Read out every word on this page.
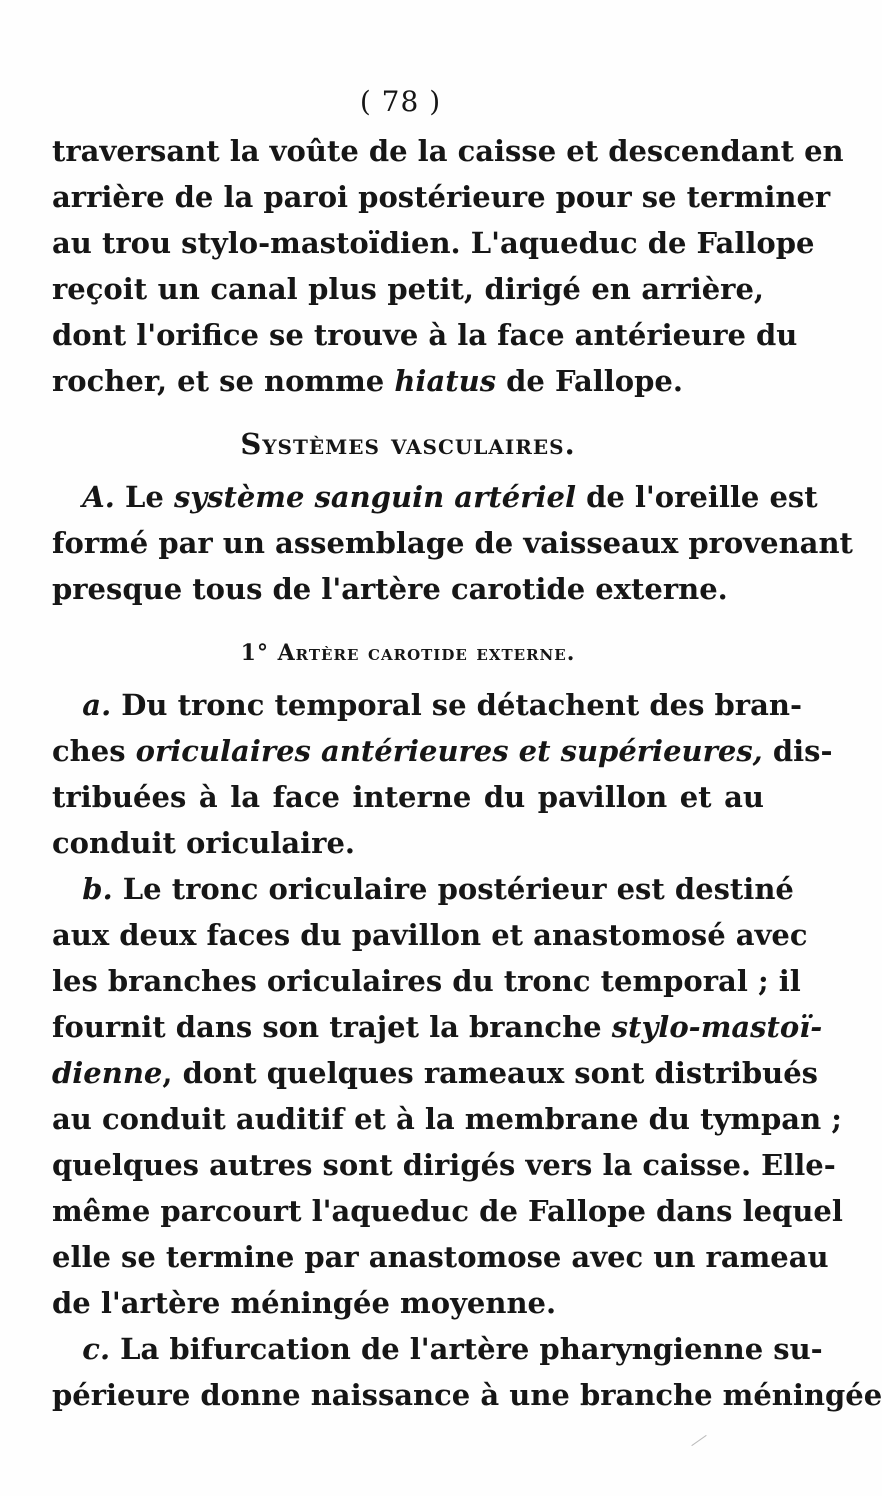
( 78 )
traversant la voûte de la caisse et descendant en
arrière de la paroi postérieure pour se terminer
au trou stylo-mastoïdien. L'aqueduc de Fallope
reçoit un canal plus petit, dirigé en arrière,
dont l'orifice se trouve à la face antérieure du
rocher, et se nomme hiatus de Fallope.
Systèmes vasculaires.
A. Le système sanguin artériel de l'oreille est
formé par un assemblage de vaisseaux provenant
presque tous de l'artère carotide externe.
1° Artère carotide externe.
a. Du tronc temporal se détachent des bran-
ches oriculaires antérieures et supérieures, dis-
tribuées à la face interne du pavillon et au
conduit oriculaire.
b. Le tronc oriculaire postérieur est destiné
aux deux faces du pavillon et anastomosé avec
les branches oriculaires du tronc temporal ; il
fournit dans son trajet la branche stylo-mastoï-
dienne, dont quelques rameaux sont distribués
au conduit auditif et à la membrane du tympan ;
quelques autres sont dirigés vers la caisse. Elle-
même parcourt l'aqueduc de Fallope dans lequel
elle se termine par anastomose avec un rameau
de l'artère méningée moyenne.
c. La bifurcation de l'artère pharyngienne su-
périeure donne naissance à une branche méningée
